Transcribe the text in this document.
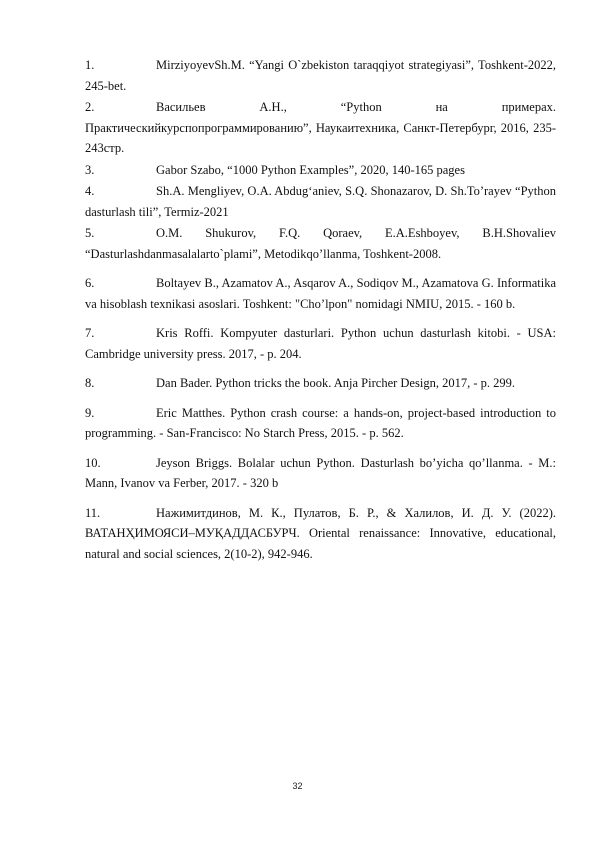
1.	MirziyoyevSh.M. “Yangi O`zbekiston taraqqiyot strategiyasi”, Toshkent-2022, 245-bet.

2.	Васильев А.Н., “Python на примерах. Практическийкурспопрограммированию”, Наукаитехника, Санкт-Петербург, 2016, 235-243стр.

3.	Gabor Szabo, “1000 Python Examples”, 2020, 140-165 pages

4.	Sh.A. Mengliyev, O.A. Abdug‘aniev, S.Q. Shonazarov, D. Sh.To’rayev “Python dasturlash tili”, Termiz-2021

5.	O.M. Shukurov, F.Q. Qoraev, E.A.Eshboyev, B.H.Shovaliev “Dasturlashdanmasalalarto`plami”, Metodikqo’llanma, Toshkent-2008.

6.	Boltayev B., Azamatov A., Asqarov A., Sodiqov M., Azamatova G. Informatika va hisoblash texnikasi asoslari. Toshkent: "Cho’lpon" nomidagi NMIU, 2015. - 160 b.

7.	Kris Roffi. Kompyuter dasturlari. Python uchun dasturlash kitobi. - USA: Cambridge university press. 2017, - p. 204.

8.	Dan Bader. Python tricks the book. Anja Pircher Design, 2017, - p. 299.

9.	Eric Matthes. Python crash course: a hands-on, project-based introduction to programming. - San-Francisco: No Starch Press, 2015. - p. 562.

10.	Jeyson Briggs. Bolalar uchun Python. Dasturlash bo’yicha qo’llanma. - M.: Mann, Ivanov va Ferber, 2017. - 320 b

11.	Нажимитдинов, М. К., Пулатов, Б. Р., & Халилов, И. Д. У. (2022). ВАТАНҲИМОЯСИ–МУҚАДДАСБУРЧ. Oriental renaissance: Innovative, educational, natural and social sciences, 2(10-2), 942-946.

32
